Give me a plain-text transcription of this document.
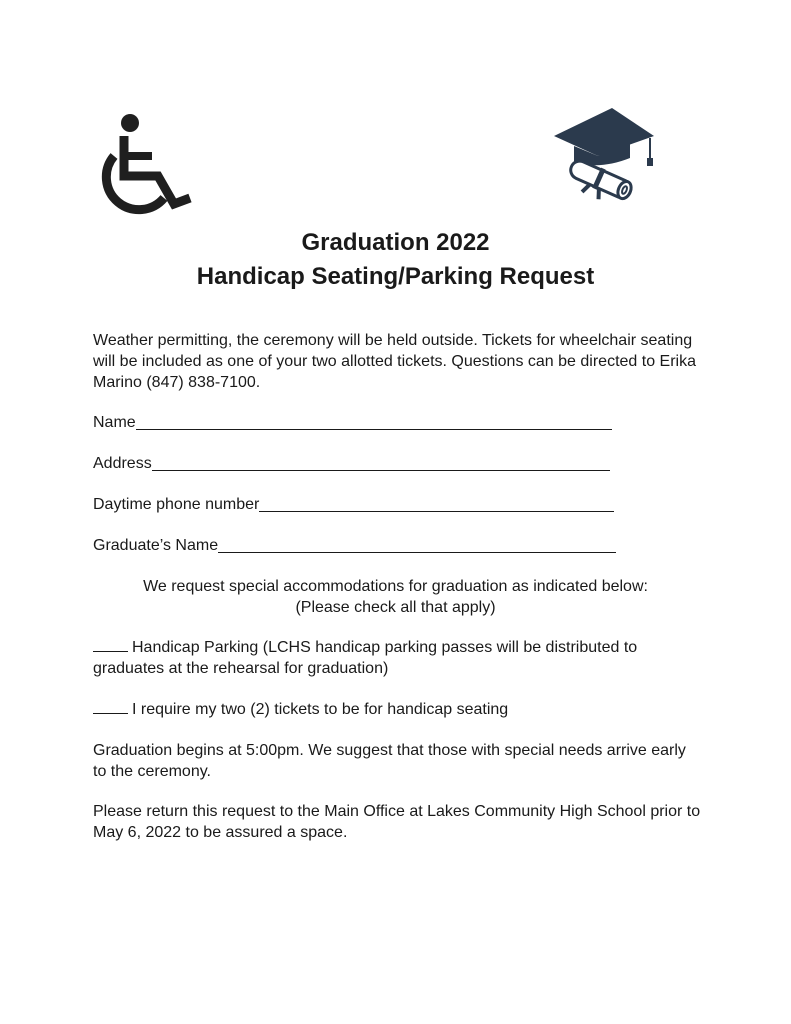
Graduation 2022
Handicap Seating/Parking Request
Weather permitting, the ceremony will be held outside. Tickets for wheelchair seating will be included as one of your two allotted tickets. Questions can be directed to Erika Marino (847) 838-7100.
Name
Address
Daytime phone number
Graduate’s Name
We request special accommodations for graduation as indicated below:
(Please check all that apply)
Handicap Parking (LCHS handicap parking passes will be distributed to graduates at the rehearsal for graduation)
I require my two (2) tickets to be for handicap seating
Graduation begins at 5:00pm. We suggest that those with special needs arrive early to the ceremony.
Please return this request to the Main Office at Lakes Community High School prior to May 6, 2022 to be assured a space.
